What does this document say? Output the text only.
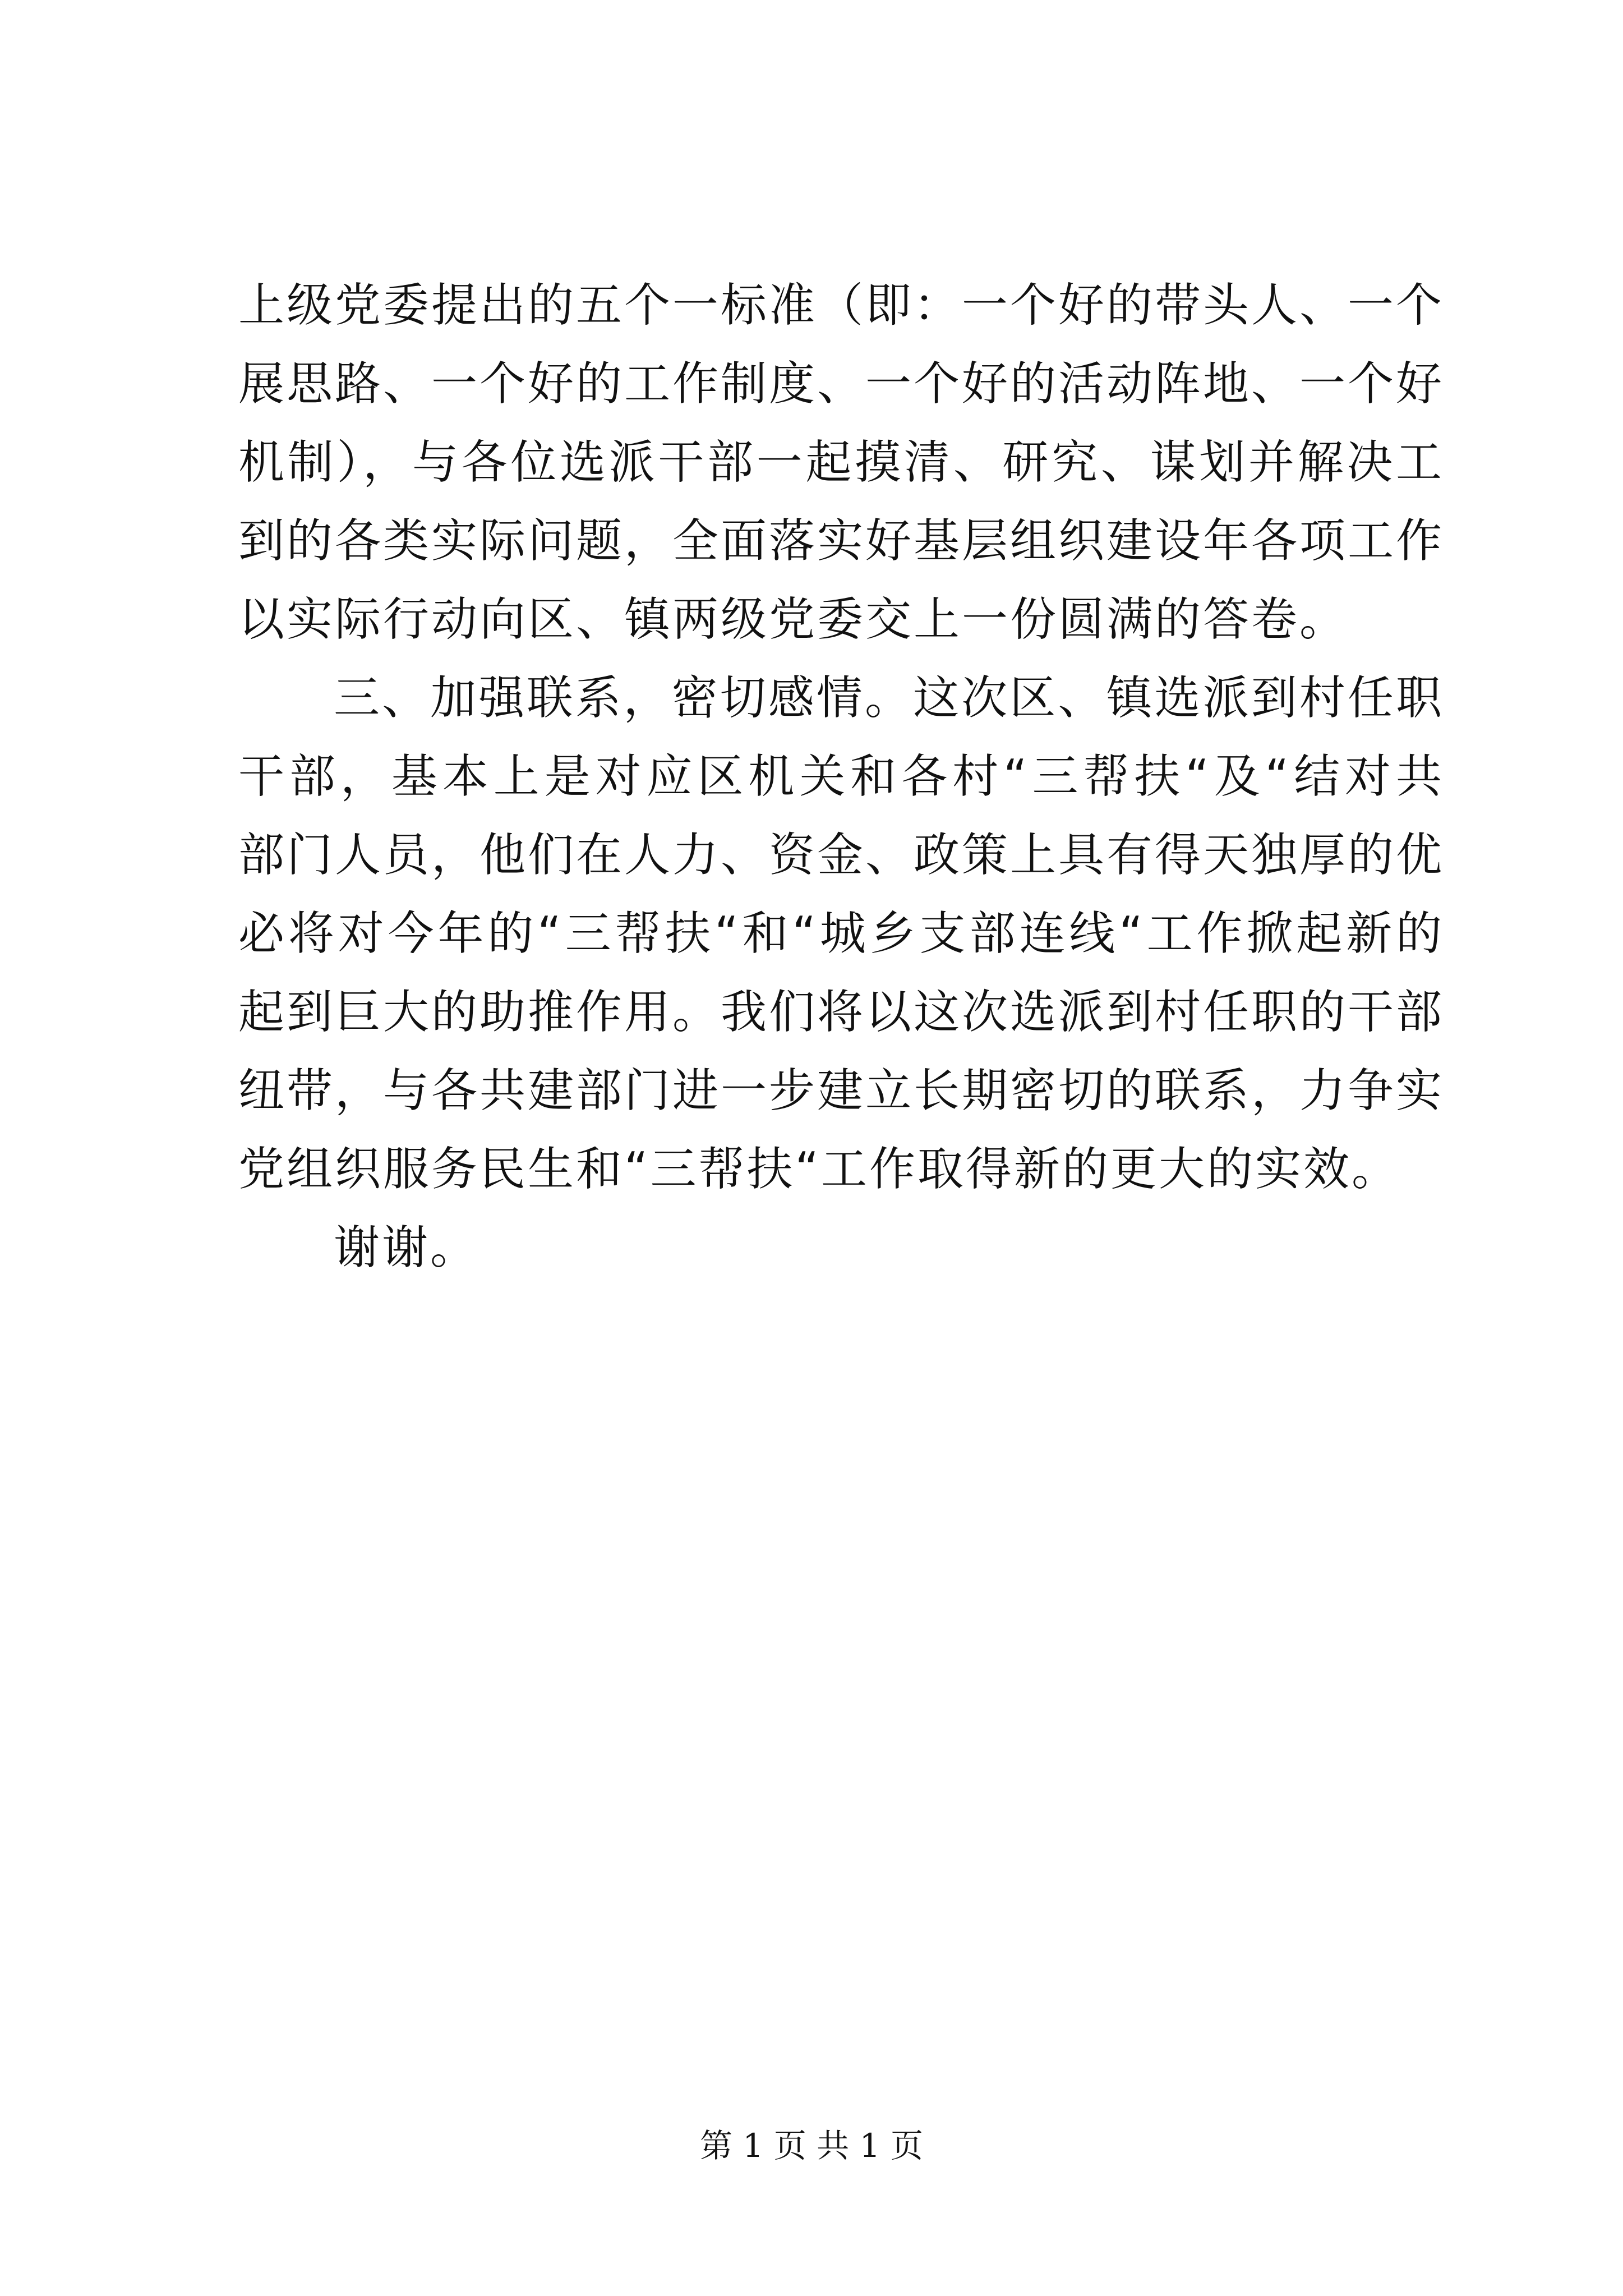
上级党委提出的五个一标准（即：一个好的带头人、一个
展思路、一个好的工作制度、一个好的活动阵地、一个好
机制），与各位选派干部一起摸清、研究、谋划并解决工
到的各类实际问题，全面落实好基层组织建设年各项工作
以实际行动向区、镇两级党委交上一份圆满的答卷。
三、加强联系，密切感情。这次区、镇选派到村任职
干部，基本上是对应区机关和各村“三帮扶“及“结对共
部门人员，他们在人力、资金、政策上具有得天独厚的优
必将对今年的“三帮扶“和“城乡支部连线“工作掀起新的
起到巨大的助推作用。我们将以这次选派到村任职的干部
纽带，与各共建部门进一步建立长期密切的联系，力争实
党组织服务民生和“三帮扶“工作取得新的更大的实效。
谢谢。
第 1 页 共 1 页
